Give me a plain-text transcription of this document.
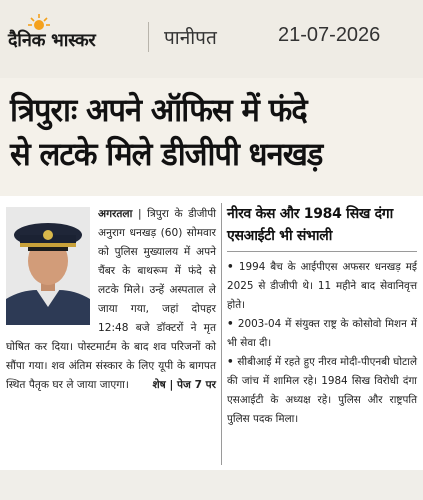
दैनिक भास्कर	पानीपत	21-07-2026
त्रिपुराः अपने ऑफिस में फंदे
से लटके मिले डीजीपी धनखड़
अगरतला | त्रिपुरा के डीजीपी अनुराग धनखड़ (60) सोमवार को पुलिस मुख्यालय में अपने चैंबर के बाथरूम में फंदे से लटके मिले। उन्हें अस्पताल ले जाया गया, जहां दोपहर 12:48 बजे डॉक्टरों ने मृत घोषित कर दिया। पोस्टमार्टम के बाद शव परिजनों को सौंपा गया। शव अंतिम संस्कार के लिए यूपी के बागपत स्थित पैतृक घर ले जाया जाएगा। शेष | पेज 7 पर
नीरव केस और 1984 सिख दंगा एसआईटी भी संभाली
• 1994 बैच के आईपीएस अफसर धनखड़ मई 2025 से डीजीपी थे। 11 महीने बाद सेवानिवृत्त होते।
• 2003-04 में संयुक्त राष्ट्र के कोसोवो मिशन में भी सेवा दी।
• सीबीआई में रहते हुए नीरव मोदी-पीएनबी घोटाले की जांच में शामिल रहे। 1984 सिख विरोधी दंगा एसआईटी के अध्यक्ष रहे। पुलिस और राष्ट्रपति पुलिस पदक मिला।
